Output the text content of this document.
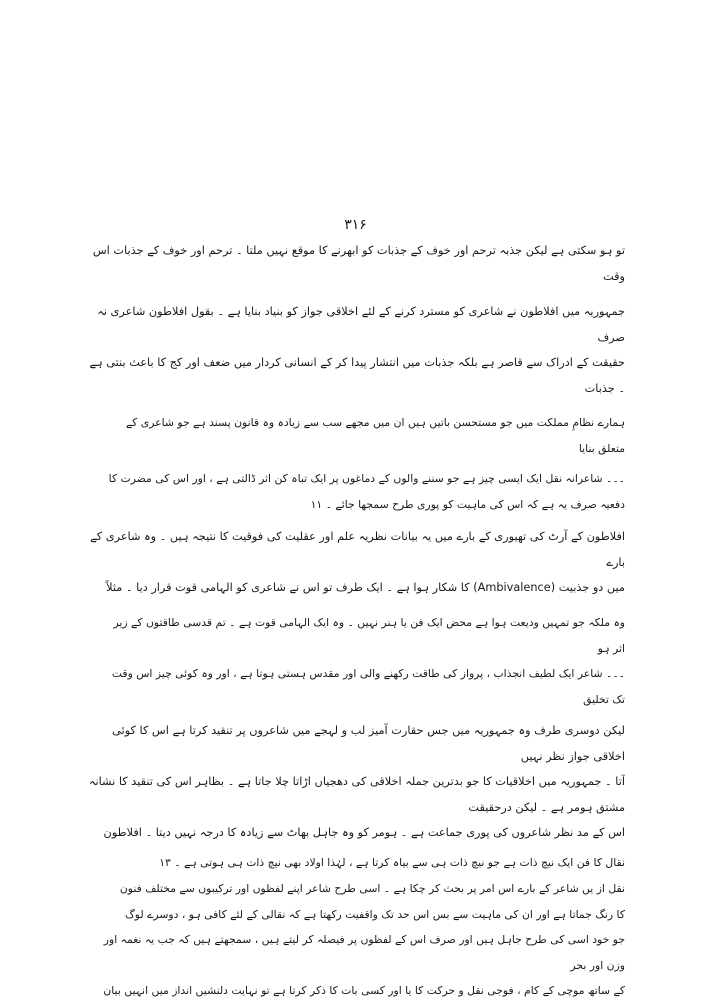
۳۱۶
تو ہو سکتی ہے لیکن جذبہ ترحم اور خوف کے جذبات کو ابھرنے کا موقع نہیں ملتا ۔ ترحم اور خوف کے جذبات اس وقت

جمہوریہ میں افلاطون نے شاعری کو مسترد کرنے کے لئے اخلاقی جواز کو بنیاد بنایا ہے ۔ بقول افلاطون شاعری نہ صرف
حقیقت کے ادراک سے قاصر ہے بلکہ جذبات میں انتشار پیدا کر کے انسانی کردار میں ضعف اور کج کا باعث بنتی ہے ۔ جذبات

ہمارے نظامِ مملکت میں جو مستحسن باتیں ہیں ان میں مجھے سب سے زیادہ وہ قانون پسند ہے جو شاعری کے متعلق بنایا

۔۔۔ شاعرانہ نقل ایک ایسی چیز ہے جو سننے والوں کے دماغوں پر ایک تباہ کن اثر ڈالتی ہے ، اور اس کی مضرت کا
دفعیہ صرف یہ ہے کہ اس کی ماہیت کو پوری طرح سمجھا جائے ۔ ۱۱
افلاطون کے آرٹ کی تھیوری کے بارے میں یہ بیانات نظریہ علم اور عقلیت کی فوقیت کا نتیجہ ہیں ۔ وہ شاعری کے بارے
میں دو جذبیت (Ambivalence) کا شکار ہوا ہے ۔ ایک طرف تو اس نے شاعری کو الہامی قوت قرار دیا ۔ مثلاً

وہ ملکہ جو تمہیں ودیعت ہوا ہے محض ایک فن یا ہنر نہیں ۔ وہ ایک الہامی قوت ہے ۔ تم قدسی طاقتوں کے زیر اثر ہو
۔۔۔ شاعر ایک لطیف انجذاب ، پرواز کی طاقت رکھنے والی اور مقدس ہستی ہوتا ہے ، اور وہ کوئی چیز اس وقت تک تخلیق

لیکن دوسری طرف وہ جمہوریہ میں جس حقارت آمیز لب و لہجے میں شاعروں پر تنقید کرتا ہے اس کا کوئی اخلاقی جواز نظر نہیں
آتا ۔ جمہوریہ میں اخلاقیات کا جو بدترین جملہ اخلاقی کی دھجیاں اڑاتا چلا جاتا ہے ۔ بظاہر اس کی تنقید کا نشانہ مشتق ہومر ہے ۔ لیکن درحقیقت
اس کے مد نظر شاعروں کی پوری جماعت ہے ۔ ہومر کو وہ جاہل بھاٹ سے زیادہ کا درجہ نہیں دیتا ۔ افلاطون

نقال کا فن ایک نیچ ذات ہے جو نیچ ذات ہی سے بیاہ کرتا ہے ، لہٰذا اولاد بھی نیچ ذات ہی ہوتی ہے ۔ ۱۳
نقل از یں شاعر کے بارے اس امر پر بحث کر چکا ہے ۔ اسی طرح شاعر اپنے لفظوں اور ترکیبوں سے مختلف فنون
کا رنگ جماتا ہے اور ان کی ماہیت سے بس اس حد تک واقفیت رکھتا ہے کہ نقالی کے لئے کافی ہو ، دوسرے لوگ
جو خود اسی کی طرح جاہل ہیں اور صرف اس کے لفظوں پر فیصلہ کر لیتے ہیں ، سمجھتے ہیں کہ جب یہ نغمہ اور وزن اور بحر
کے ساتھ موچی کے کام ، فوجی نقل و حرکت کا یا اور کسی بات کا ذکر کرتا ہے تو نہایت دلنشیں انداز میں انہیں بیان
